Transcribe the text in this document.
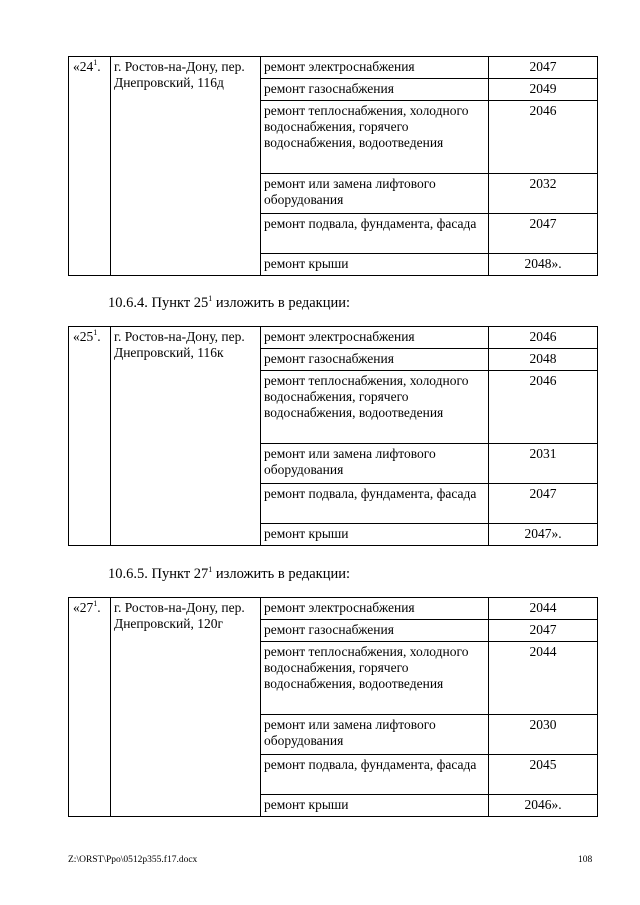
«$24^1$.	г. Ростов-на-Дону, пер. Днепровский, 116д	ремонт электроснабжения	2047
		ремонт газоснабжения	2049
		ремонт теплоснабжения, холодного водоснабжения, горячего водоснабжения, водоотведения	2046
		ремонт или замена лифтового оборудования	2032
		ремонт подвала, фундамента, фасада	2047
		ремонт крыши	2048».
10.6.4. Пункт $25^1$ изложить в редакции:
«$25^1$.	г. Ростов-на-Дону, пер. Днепровский, 116к	ремонт электроснабжения	2046
		ремонт газоснабжения	2048
		ремонт теплоснабжения, холодного водоснабжения, горячего водоснабжения, водоотведения	2046
		ремонт или замена лифтового оборудования	2031
		ремонт подвала, фундамента, фасада	2047
		ремонт крыши	2047».
10.6.5. Пункт $27^1$ изложить в редакции:
«$27^1$.	г. Ростов-на-Дону, пер. Днепровский, 120г	ремонт электроснабжения	2044
		ремонт газоснабжения	2047
		ремонт теплоснабжения, холодного водоснабжения, горячего водоснабжения, водоотведения	2044
		ремонт или замена лифтового оборудования	2030
		ремонт подвала, фундамента, фасада	2045
		ремонт крыши	2046».
Z:\ORST\Ppo\0512p355.f17.docx	108
